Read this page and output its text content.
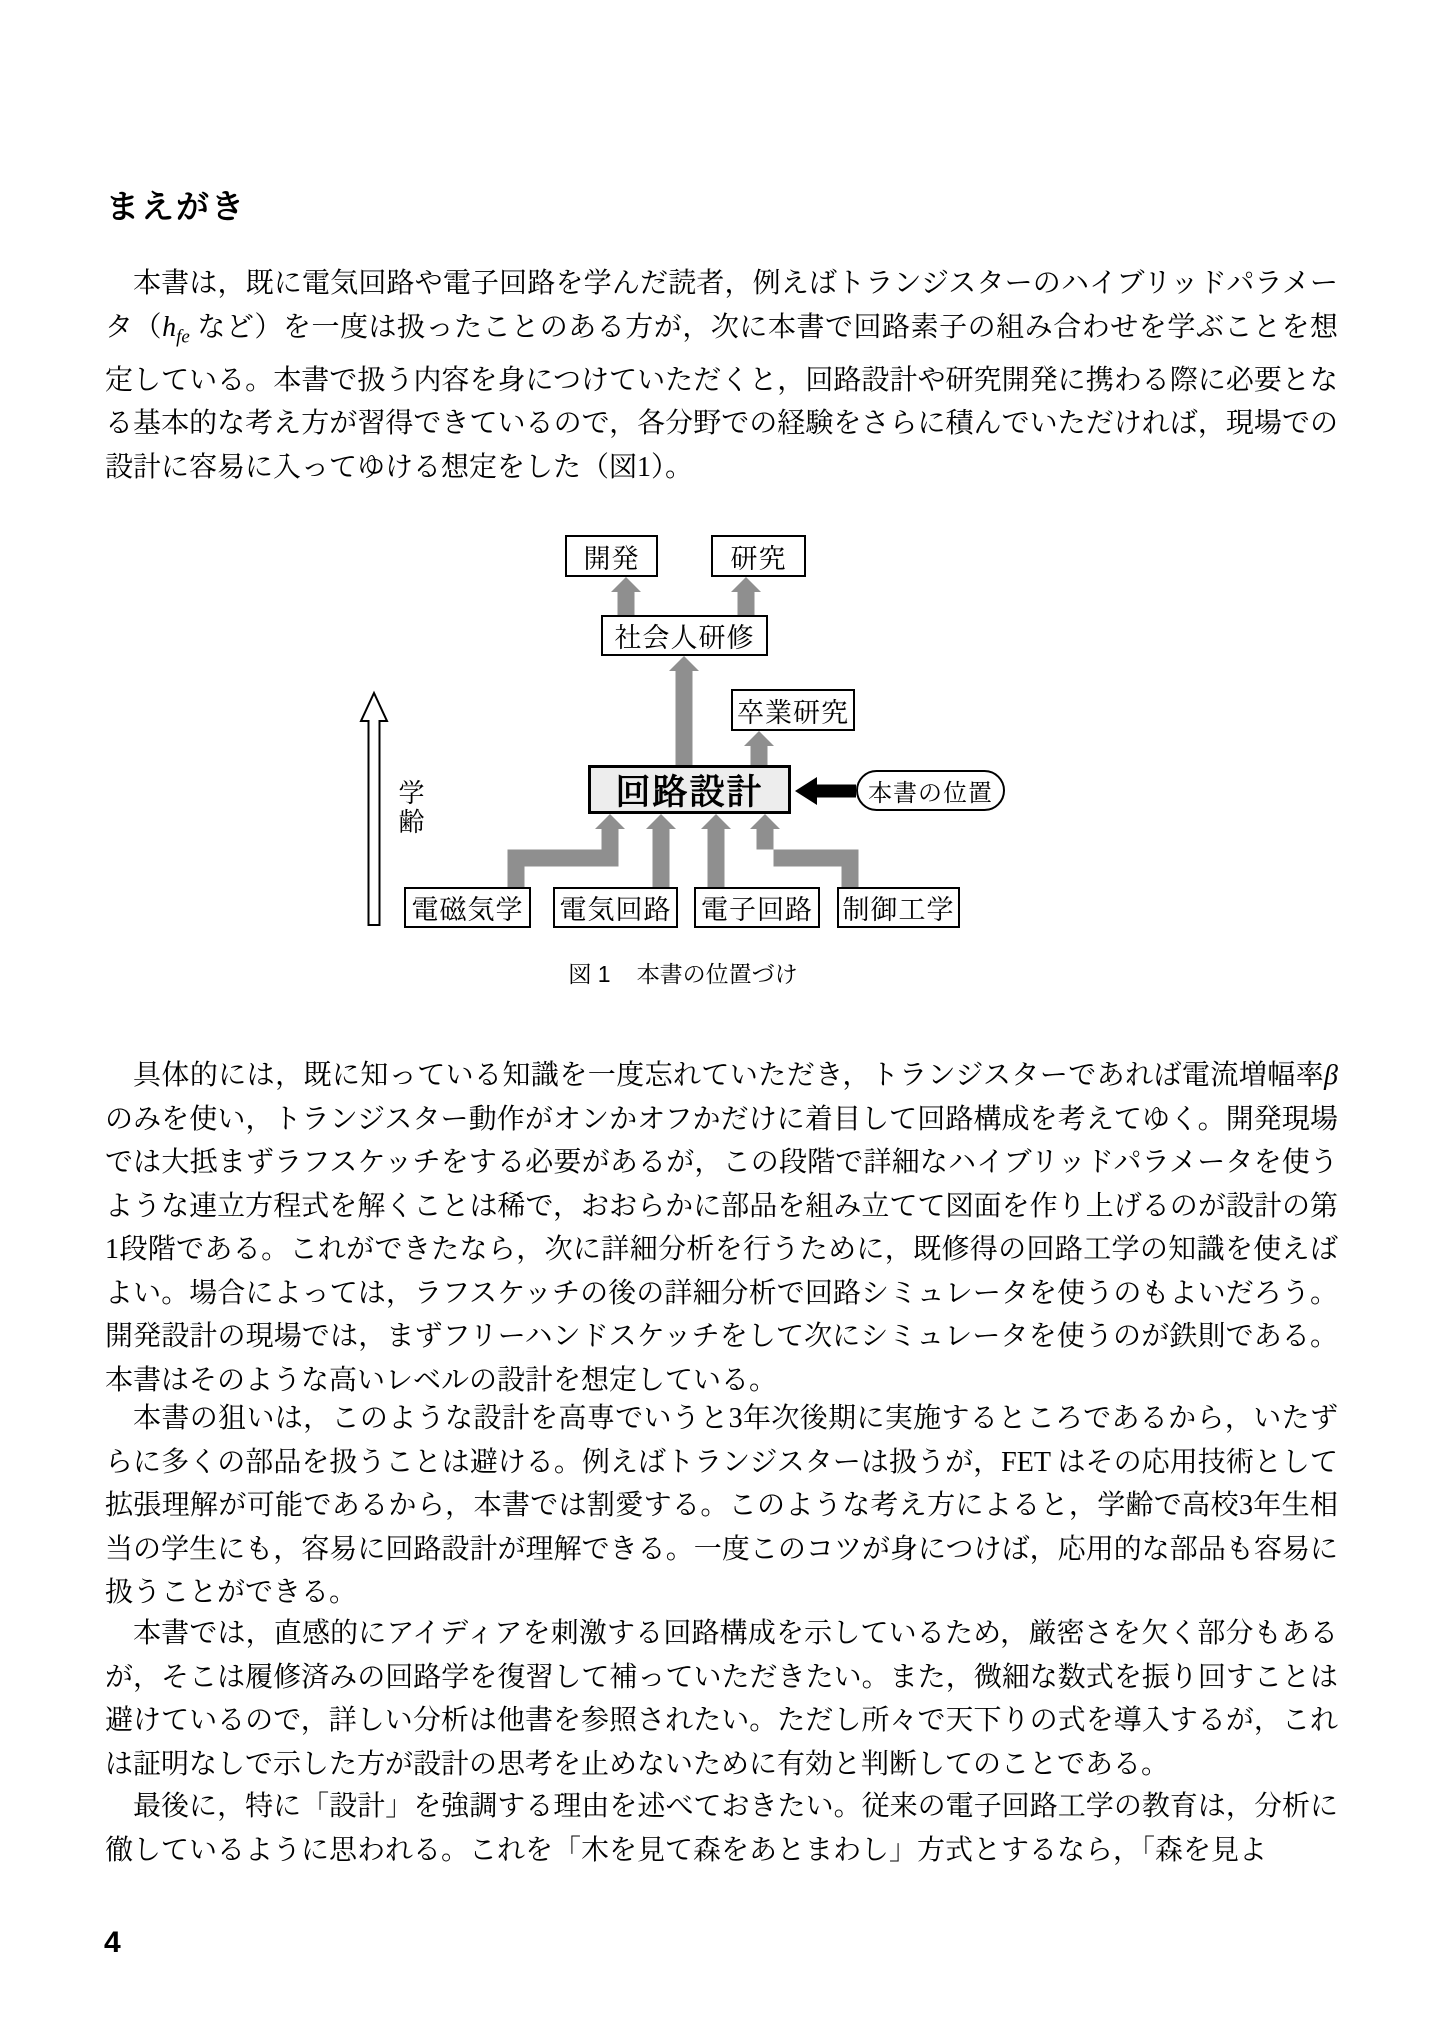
まえがき

本書は，既に電気回路や電子回路を学んだ読者，例えばトランジスターのハイブリッドパラメータ（$h_{fe}$ など）を一度は扱ったことのある方が，次に本書で回路素子の組み合わせを学ぶことを想定している。本書で扱う内容を身につけていただくと，回路設計や研究開発に携わる際に必要となる基本的な考え方が習得できているので，各分野での経験をさらに積んでいただければ，現場での設計に容易に入ってゆける想定をした（図1）。

学齢
開発	研究
社会人研修
卒業研究
回路設計	本書の位置
電磁気学 電気回路 電子回路 制御工学
図 1 本書の位置づけ

具体的には，既に知っている知識を一度忘れていただき，トランジスターであれば電流増幅率β のみを使い，トランジスター動作がオンかオフかだけに着目して回路構成を考えてゆく。開発現場では大抵まずラフスケッチをする必要があるが，この段階で詳細なハイブリッドパラメータを使うような連立方程式を解くことは稀で，おおらかに部品を組み立てて図面を作り上げるのが設計の第1段階である。これができたなら，次に詳細分析を行うために，既修得の回路工学の知識を使えばよい。場合によっては，ラフスケッチの後の詳細分析で回路シミュレータを使うのもよいだろう。開発設計の現場では，まずフリーハンドスケッチをして次にシミュレータを使うのが鉄則である。本書はそのような高いレベルの設計を想定している。

本書の狙いは，このような設計を高専でいうと3年次後期に実施するところであるから，いたずらに多くの部品を扱うことは避ける。例えばトランジスターは扱うが，FET はその応用技術として拡張理解が可能であるから，本書では割愛する。このような考え方によると，学齢で高校3年生相当の学生にも，容易に回路設計が理解できる。一度このコツが身につけば，応用的な部品も容易に扱うことができる。

本書では，直感的にアイディアを刺激する回路構成を示しているため，厳密さを欠く部分もあるが，そこは履修済みの回路学を復習して補っていただきたい。また，微細な数式を振り回すことは避けているので，詳しい分析は他書を参照されたい。ただし所々で天下りの式を導入するが，これは証明なしで示した方が設計の思考を止めないために有効と判断してのことである。

最後に，特に「設計」を強調する理由を述べておきたい。従来の電子回路工学の教育は，分析に徹しているように思われる。これを「木を見て森をあとまわし」方式とするなら，「森を見よ

4
